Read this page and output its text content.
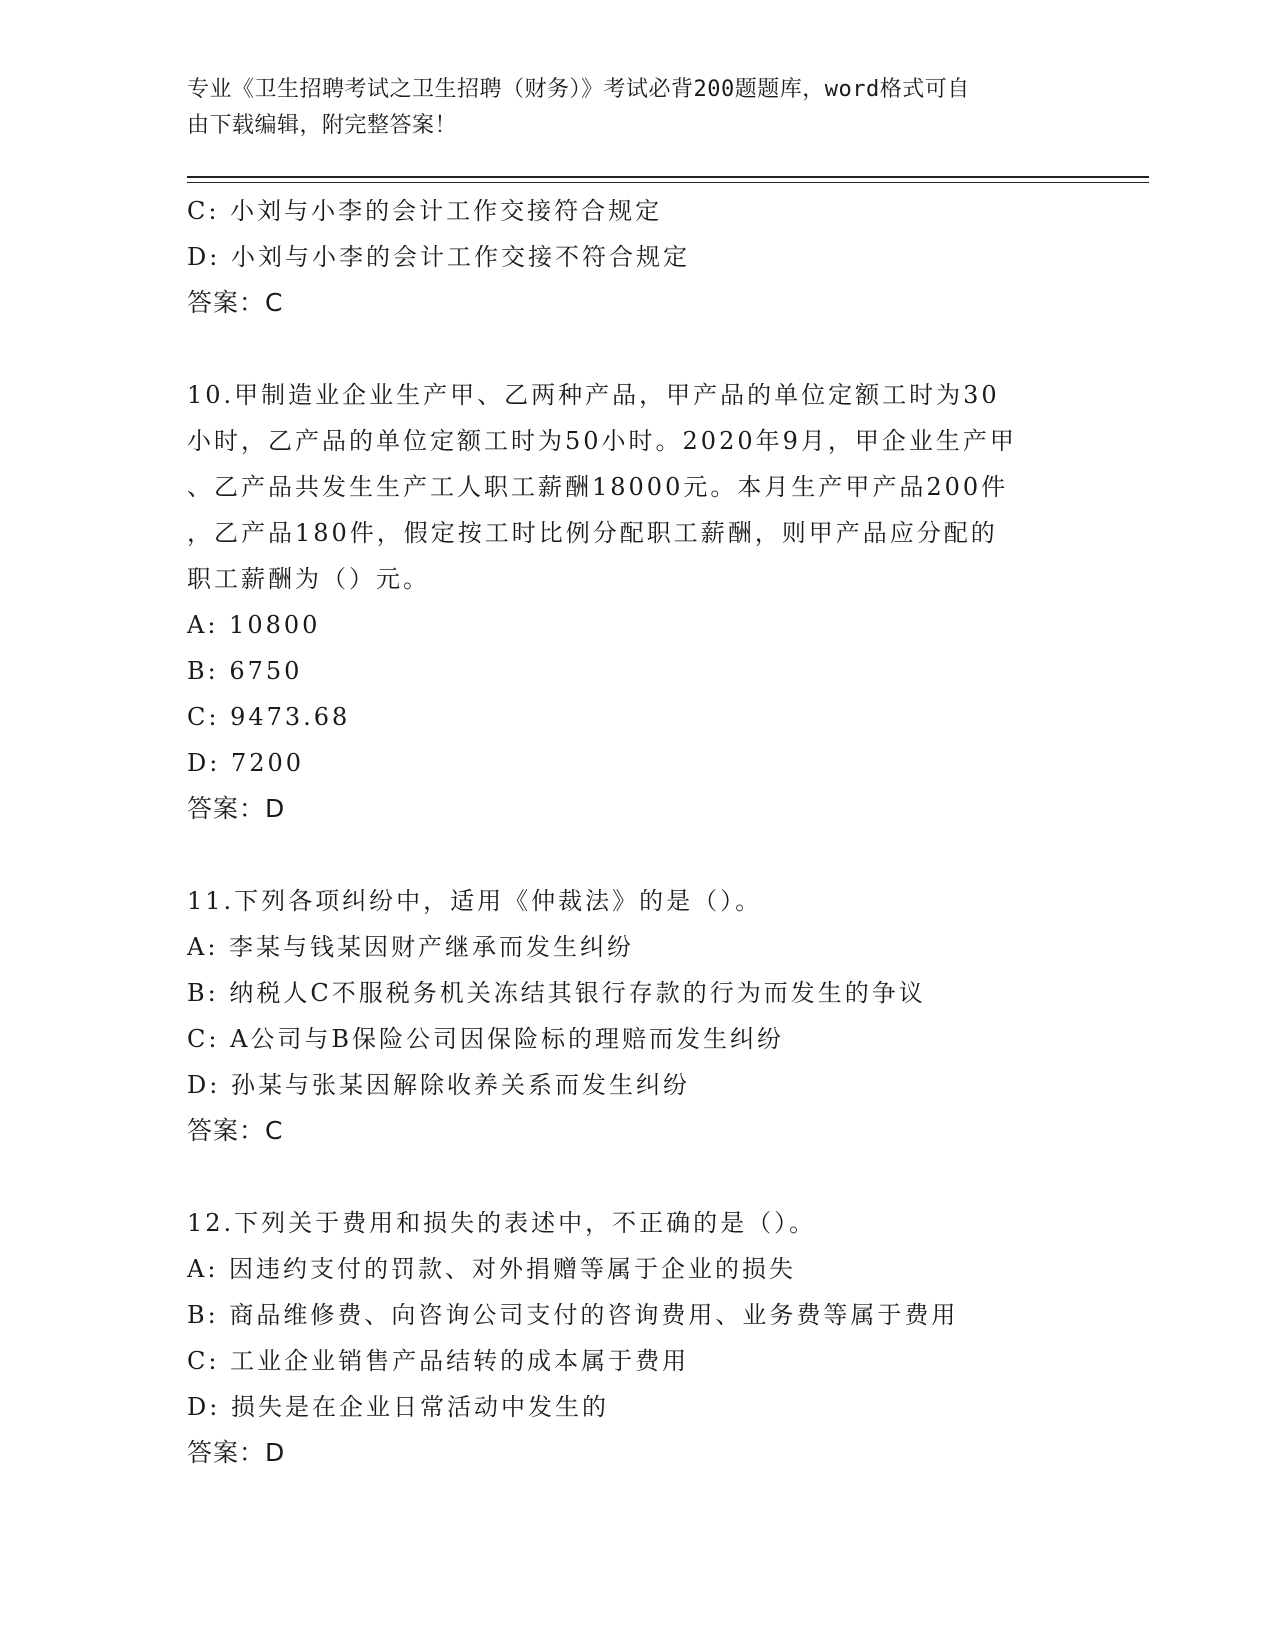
专业《卫生招聘考试之卫生招聘（财务）》考试必背200题题库，word格式可自
由下载编辑，附完整答案！
C: 小刘与小李的会计工作交接符合规定
D: 小刘与小李的会计工作交接不符合规定
答案：C
10.甲制造业企业生产甲、乙两种产品，甲产品的单位定额工时为30
小时，乙产品的单位定额工时为50小时。2020年9月，甲企业生产甲
、乙产品共发生生产工人职工薪酬18000元。本月生产甲产品200件
，乙产品180件，假定按工时比例分配职工薪酬，则甲产品应分配的
职工薪酬为（）元。
A: 10800
B: 6750
C: 9473.68
D: 7200
答案：D
11.下列各项纠纷中，适用《仲裁法》的是（）。
A: 李某与钱某因财产继承而发生纠纷
B: 纳税人C不服税务机关冻结其银行存款的行为而发生的争议
C: A公司与B保险公司因保险标的理赔而发生纠纷
D: 孙某与张某因解除收养关系而发生纠纷
答案：C
12.下列关于费用和损失的表述中，不正确的是（）。
A: 因违约支付的罚款、对外捐赠等属于企业的损失
B: 商品维修费、向咨询公司支付的咨询费用、业务费等属于费用
C: 工业企业销售产品结转的成本属于费用
D: 损失是在企业日常活动中发生的
答案：D
